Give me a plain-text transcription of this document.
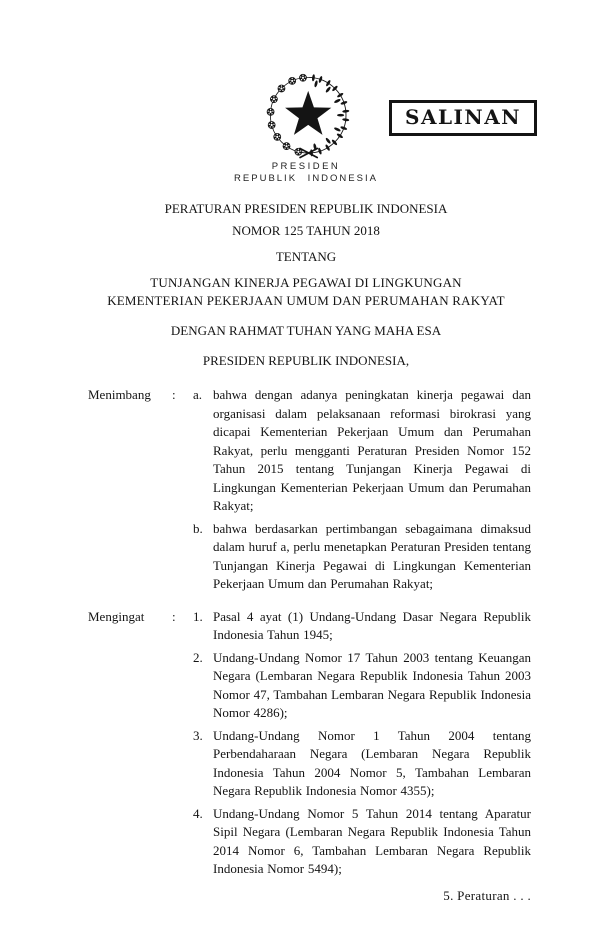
SALINAN
PRESIDEN
REPUBLIK INDONESIA
PERATURAN PRESIDEN REPUBLIK INDONESIA
NOMOR 125 TAHUN 2018
TENTANG
TUNJANGAN KINERJA PEGAWAI DI LINGKUNGAN
KEMENTERIAN PEKERJAAN UMUM DAN PERUMAHAN RAKYAT
DENGAN RAHMAT TUHAN YANG MAHA ESA
PRESIDEN REPUBLIK INDONESIA,
Menimbang	:	a. bahwa dengan adanya peningkatan kinerja pegawai dan organisasi dalam pelaksanaan reformasi birokrasi yang dicapai Kementerian Pekerjaan Umum dan Perumahan Rakyat, perlu mengganti Peraturan Presiden Nomor 152 Tahun 2015 tentang Tunjangan Kinerja Pegawai di Lingkungan Kementerian Pekerjaan Umum dan Perumahan Rakyat;
b. bahwa berdasarkan pertimbangan sebagaimana dimaksud dalam huruf a, perlu menetapkan Peraturan Presiden tentang Tunjangan Kinerja Pegawai di Lingkungan Kementerian Pekerjaan Umum dan Perumahan Rakyat;
Mengingat	:	1. Pasal 4 ayat (1) Undang-Undang Dasar Negara Republik Indonesia Tahun 1945;
2. Undang-Undang Nomor 17 Tahun 2003 tentang Keuangan Negara (Lembaran Negara Republik Indonesia Tahun 2003 Nomor 47, Tambahan Lembaran Negara Republik Indonesia Nomor 4286);
3. Undang-Undang Nomor 1 Tahun 2004 tentang Perbendaharaan Negara (Lembaran Negara Republik Indonesia Tahun 2004 Nomor 5, Tambahan Lembaran Negara Republik Indonesia Nomor 4355);
4. Undang-Undang Nomor 5 Tahun 2014 tentang Aparatur Sipil Negara (Lembaran Negara Republik Indonesia Tahun 2014 Nomor 6, Tambahan Lembaran Negara Republik Indonesia Nomor 5494);
5. Peraturan . . .
